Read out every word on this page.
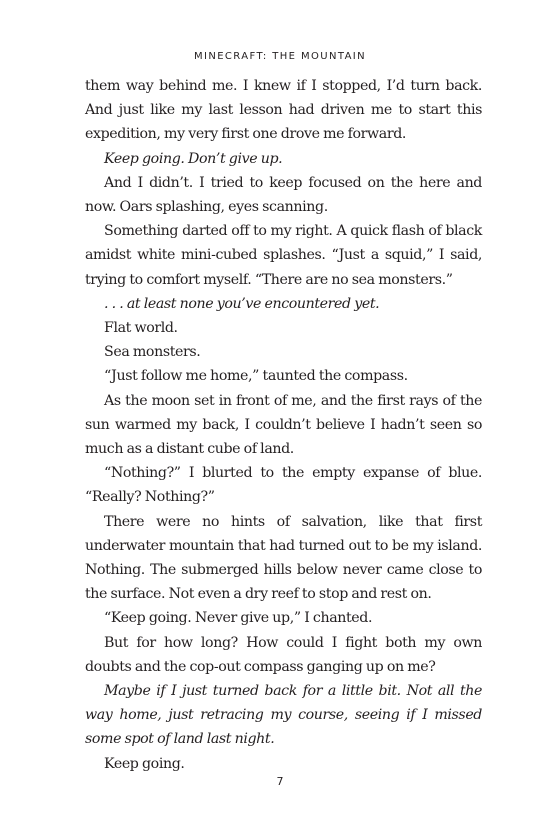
MINECRAFT: THE MOUNTAIN

them way behind me. I knew if I stopped, I’d turn back. And just like my last lesson had driven me to start this expedition, my very first one drove me forward.

Keep going. Don’t give up.

And I didn’t. I tried to keep focused on the here and now. Oars splashing, eyes scanning.

Something darted off to my right. A quick flash of black amidst white mini-cubed splashes. “Just a squid,” I said, trying to comfort myself. “There are no sea monsters.”

. . . at least none you’ve encountered yet.

Flat world.

Sea monsters.

“Just follow me home,” taunted the compass.

As the moon set in front of me, and the first rays of the sun warmed my back, I couldn’t believe I hadn’t seen so much as a distant cube of land.

“Nothing?” I blurted to the empty expanse of blue. “Really? Nothing?”

There were no hints of salvation, like that first underwater mountain that had turned out to be my island. Nothing. The submerged hills below never came close to the surface. Not even a dry reef to stop and rest on.

“Keep going. Never give up,” I chanted.

But for how long? How could I fight both my own doubts and the cop-out compass ganging up on me?

Maybe if I just turned back for a little bit. Not all the way home, just retracing my course, seeing if I missed some spot of land last night.

Keep going.

7
